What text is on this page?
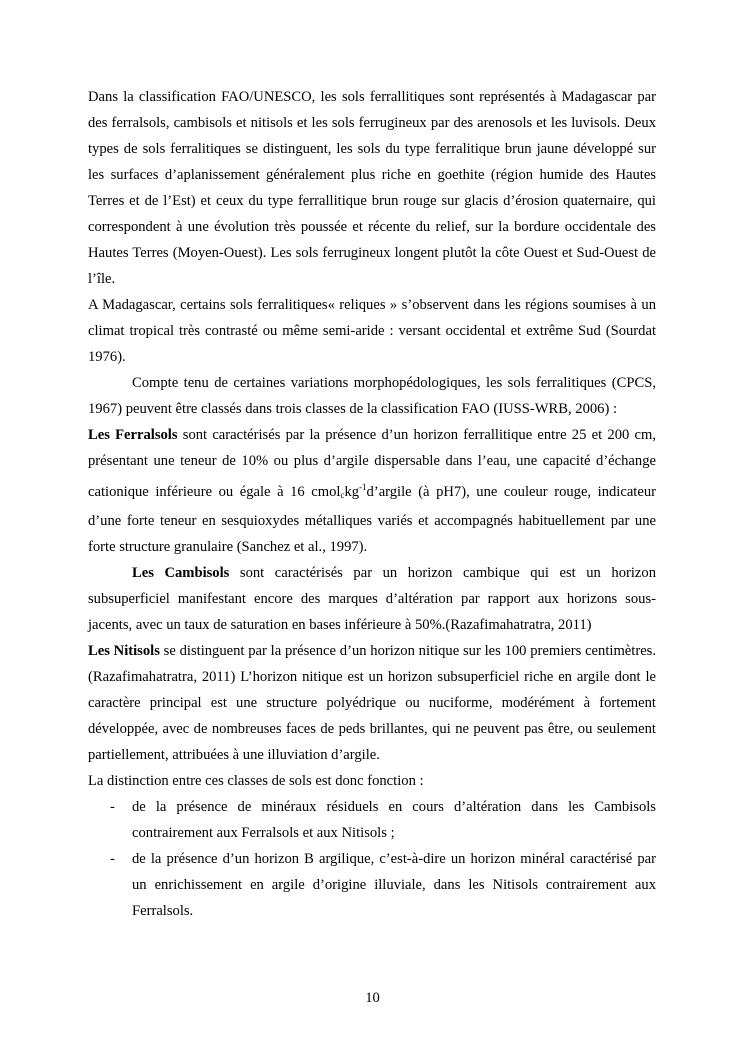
Dans la classification FAO/UNESCO, les sols ferrallitiques sont représentés à Madagascar par des ferralsols, cambisols et nitisols et les sols ferrugineux par des arenosols et les luvisols. Deux types de sols ferralitiques se distinguent, les sols du type ferralitique brun jaune développé sur les surfaces d’aplanissement généralement plus riche en goethite (région humide des Hautes Terres et de l’Est) et ceux du type ferrallitique brun rouge sur glacis d’érosion quaternaire, qui correspondent à une évolution très poussée et récente du relief, sur la bordure occidentale des Hautes Terres (Moyen-Ouest). Les sols ferrugineux longent plutôt la côte Ouest et Sud-Ouest de l’île.

A Madagascar, certains sols ferralitiques« reliques » s’observent dans les régions soumises à un climat tropical très contrasté ou même semi-aride : versant occidental et extrême Sud (Sourdat 1976).

Compte tenu de certaines variations morphopédologiques, les sols ferralitiques (CPCS, 1967) peuvent être classés dans trois classes de la classification FAO (IUSS-WRB, 2006) :

Les Ferralsols sont caractérisés par la présence d’un horizon ferrallitique entre 25 et 200 cm, présentant une teneur de 10% ou plus d’argile dispersable dans l’eau, une capacité d’échange cationique inférieure ou égale à 16 cmolckg$^{-1}$d’argile (à pH7), une couleur rouge, indicateur d’une forte teneur en sesquioxydes métalliques variés et accompagnés habituellement par une forte structure granulaire (Sanchez et al., 1997).

Les Cambisols sont caractérisés par un horizon cambique qui est un horizon subsuperficiel manifestant encore des marques d’altération par rapport aux horizons sous-jacents, avec un taux de saturation en bases inférieure à 50%.(Razafimahatratra, 2011)

Les Nitisols se distinguent par la présence d’un horizon nitique sur les 100 premiers centimètres.(Razafimahatratra, 2011) L’horizon nitique est un horizon subsuperficiel riche en argile dont le caractère principal est une structure polyédrique ou nuciforme, modérément à fortement développée, avec de nombreuses faces de peds brillantes, qui ne peuvent pas être, ou seulement partiellement, attribuées à une illuviation d’argile.

La distinction entre ces classes de sols est donc fonction :

- de la présence de minéraux résiduels en cours d’altération dans les Cambisols contrairement aux Ferralsols et aux Nitisols ;
- de la présence d’un horizon B argilique, c’est-à-dire un horizon minéral caractérisé par un enrichissement en argile d’origine illuviale, dans les Nitisols contrairement aux Ferralsols.
10
